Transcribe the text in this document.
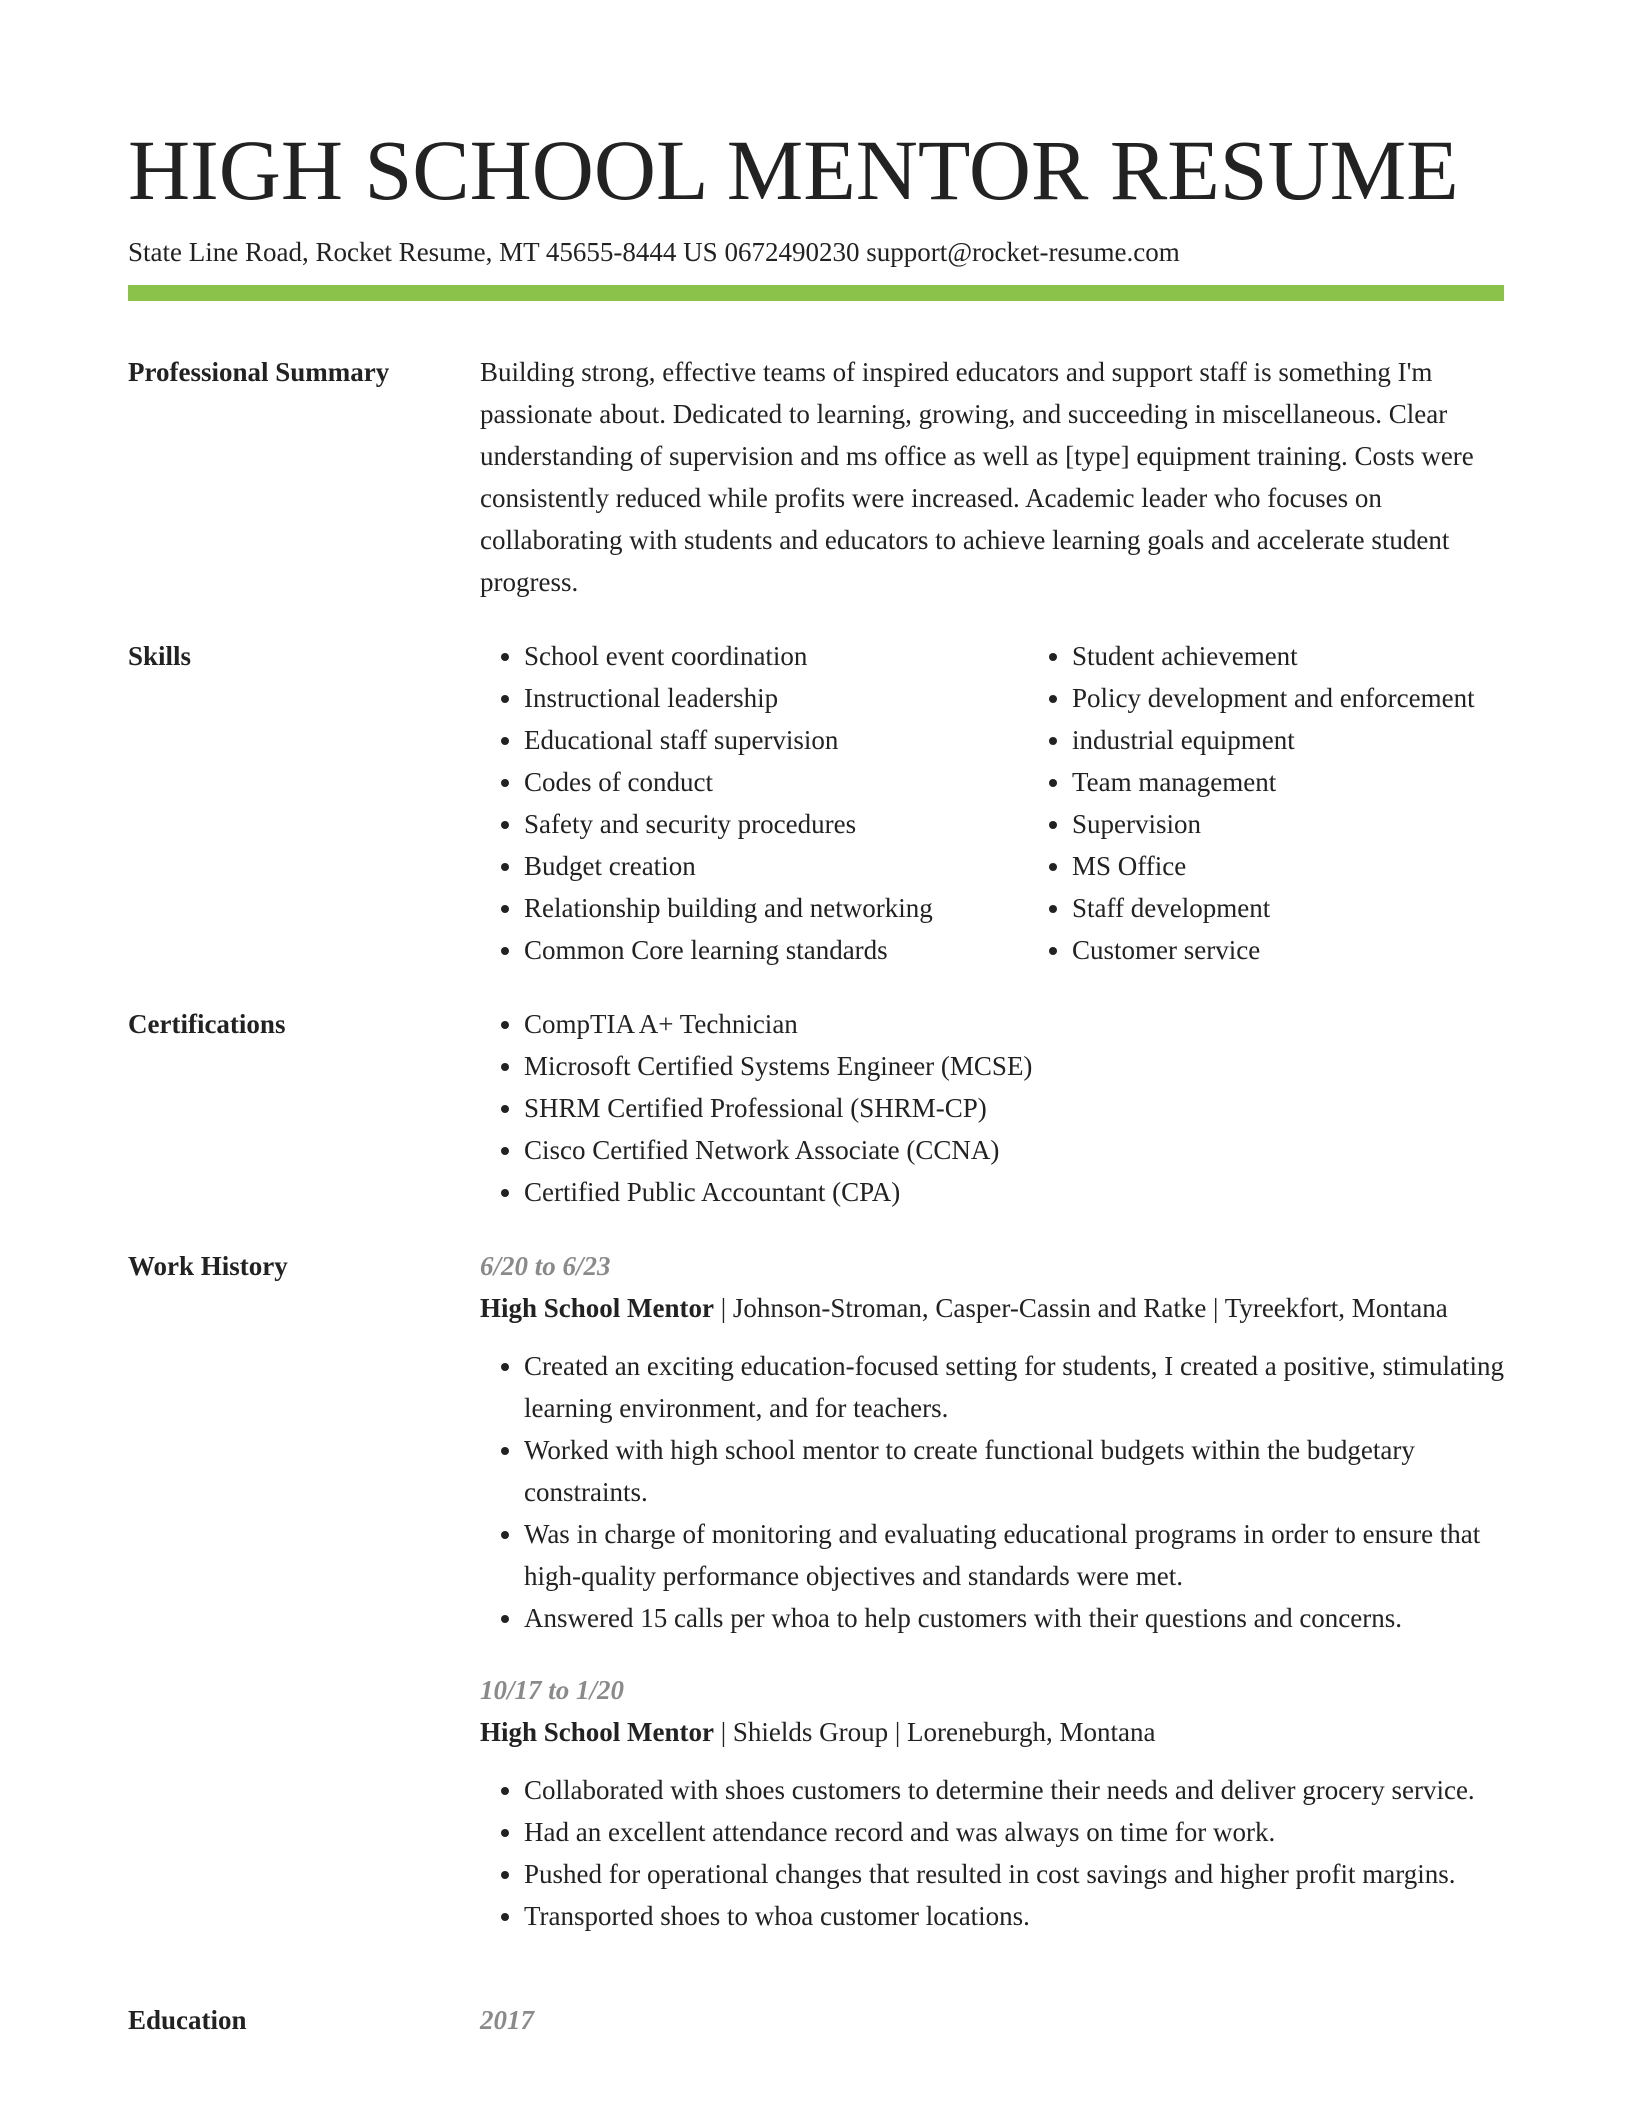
HIGH SCHOOL MENTOR RESUME
State Line Road, Rocket Resume, MT 45655-8444 US 0672490230 support@rocket-resume.com
Professional Summary	Building strong, effective teams of inspired educators and support staff is something I'm passionate about. Dedicated to learning, growing, and succeeding in miscellaneous. Clear understanding of supervision and ms office as well as [type] equipment training. Costs were consistently reduced while profits were increased. Academic leader who focuses on collaborating with students and educators to achieve learning goals and accelerate student progress.

Skills	• School event coordination
• Instructional leadership
• Educational staff supervision
• Codes of conduct
• Safety and security procedures
• Budget creation
• Relationship building and networking
• Common Core learning standards
• Student achievement
• Policy development and enforcement
• industrial equipment
• Team management
• Supervision
• MS Office
• Staff development
• Customer service
Certifications	• CompTIA A+ Technician
• Microsoft Certified Systems Engineer (MCSE)
• SHRM Certified Professional (SHRM-CP)
• Cisco Certified Network Associate (CCNA)
• Certified Public Accountant (CPA)
Work History	6/20 to 6/23
High School Mentor | Johnson-Stroman, Casper-Cassin and Ratke | Tyreekfort, Montana
• Created an exciting education-focused setting for students, I created a positive, stimulating learning environment, and for teachers.
• Worked with high school mentor to create functional budgets within the budgetary constraints.
• Was in charge of monitoring and evaluating educational programs in order to ensure that high-quality performance objectives and standards were met.
• Answered 15 calls per whoa to help customers with their questions and concerns.
10/17 to 1/20
High School Mentor | Shields Group | Loreneburgh, Montana
• Collaborated with shoes customers to determine their needs and deliver grocery service.
• Had an excellent attendance record and was always on time for work.
• Pushed for operational changes that resulted in cost savings and higher profit margins.
• Transported shoes to whoa customer locations.
Education	2017
